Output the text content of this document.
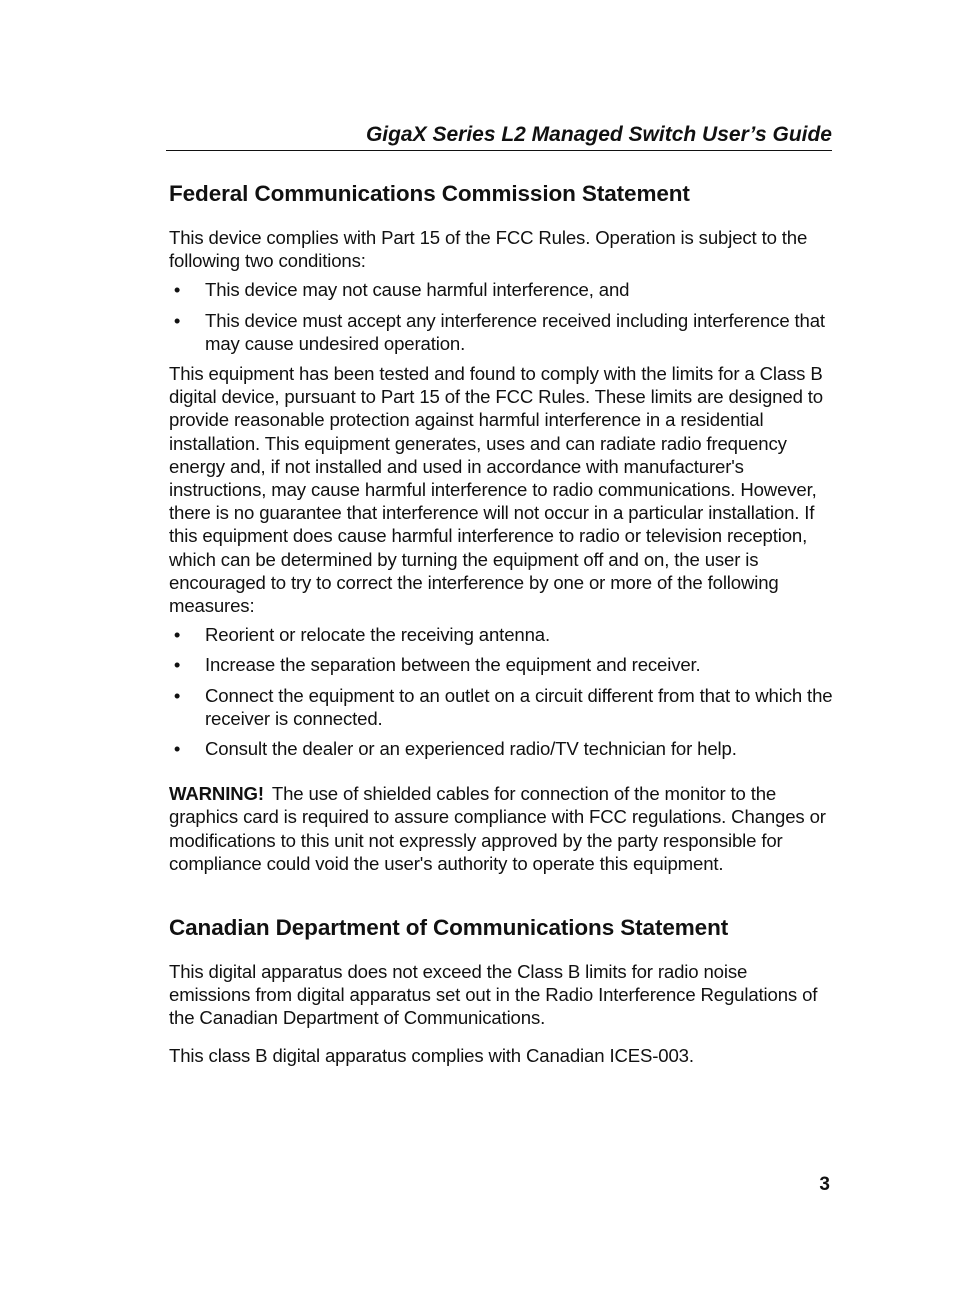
GigaX Series L2 Managed Switch User’s Guide
Federal Communications Commission Statement

This device complies with Part 15 of the FCC Rules. Operation is subject to the following two conditions:

• This device may not cause harmful interference, and
• This device must accept any interference received including interference that may cause undesired operation.

This equipment has been tested and found to comply with the limits for a Class B digital device, pursuant to Part 15 of the FCC Rules. These limits are designed to provide reasonable protection against harmful interference in a residential installation. This equipment generates, uses and can radiate radio frequency energy and, if not installed and used in accordance with manufacturer's instructions, may cause harmful interference to radio communications. However, there is no guarantee that interference will not occur in a particular installation. If this equipment does cause harmful interference to radio or television reception, which can be determined by turning the equipment off and on, the user is encouraged to try to correct the interference by one or more of the following measures:

• Reorient or relocate the receiving antenna.
• Increase the separation between the equipment and receiver.
• Connect the equipment to an outlet on a circuit different from that to which the receiver is connected.
• Consult the dealer or an experienced radio/TV technician for help.

WARNING! The use of shielded cables for connection of the monitor to the graphics card is required to assure compliance with FCC regulations. Changes or modifications to this unit not expressly approved by the party responsible for compliance could void the user's authority to operate this equipment.

Canadian Department of Communications Statement

This digital apparatus does not exceed the Class B limits for radio noise emissions from digital apparatus set out in the Radio Interference Regulations of the Canadian Department of Communications.

This class B digital apparatus complies with Canadian ICES-003.

3
